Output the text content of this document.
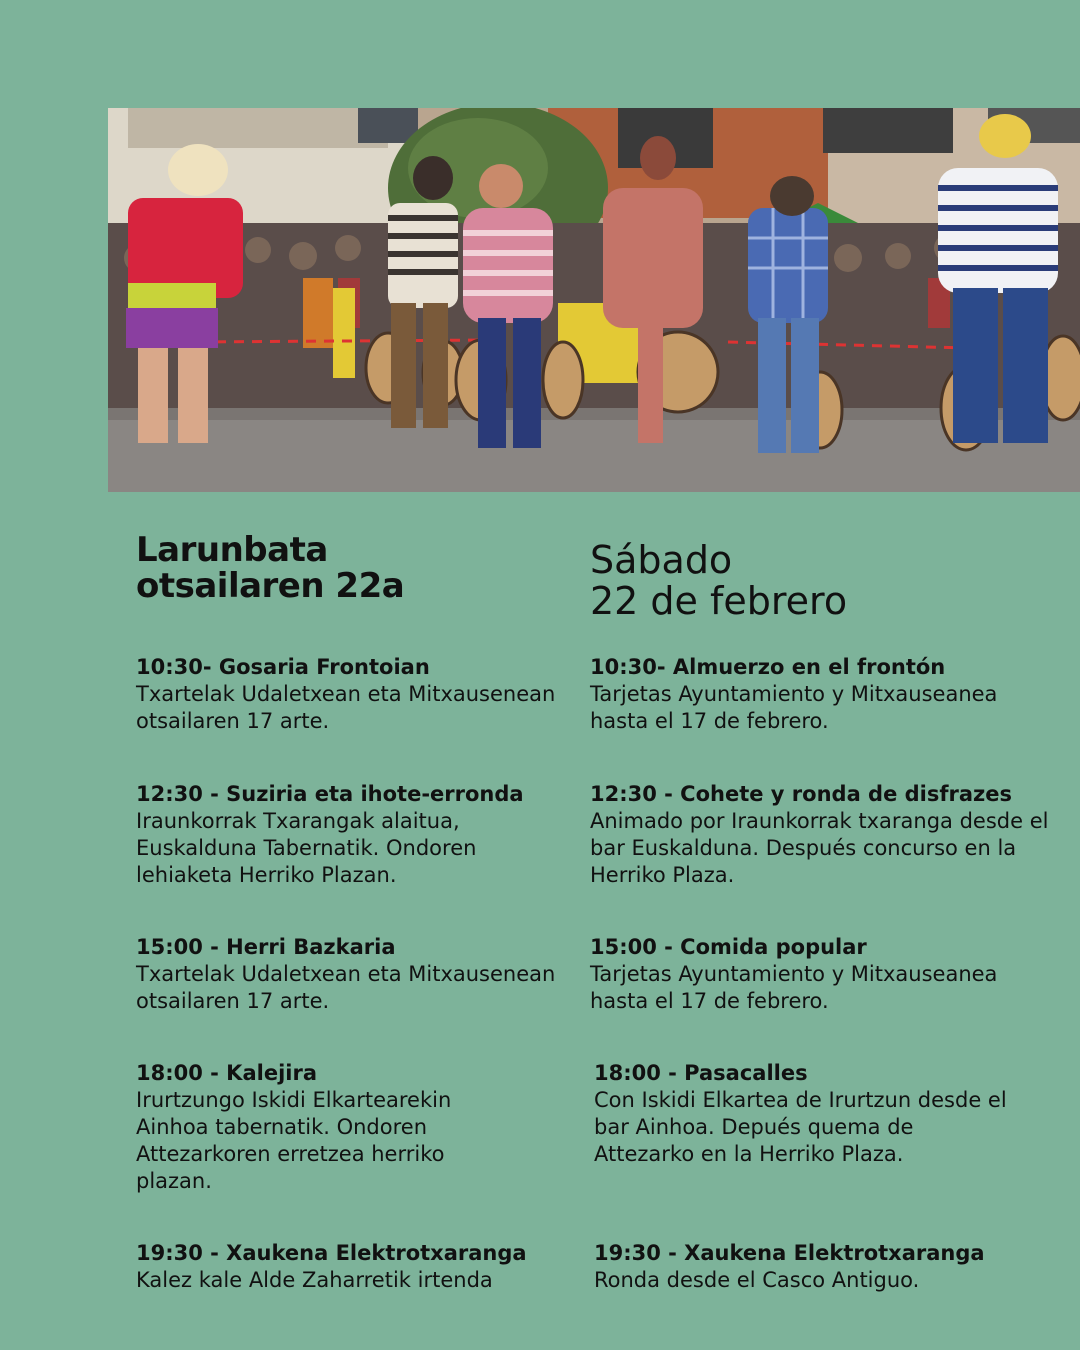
Larunbata
otsailaren 22a
10:30- Gosaria Frontoian
Txartelak Udaletxean eta Mitxausenean otsailaren 17 arte.
12:30 - Suziria eta ihote-erronda
Iraunkorrak Txarangak alaitua, Euskalduna Tabernatik. Ondoren lehiaketa Herriko Plazan.
15:00 - Herri Bazkaria
Txartelak Udaletxean eta Mitxausenean otsailaren 17 arte.
18:00 - Kalejira
Irurtzungo Iskidi Elkartearekin Ainhoa tabernatik. Ondoren Attezarkoren erretzea herriko plazan.
19:30 - Xaukena Elektrotxaranga
Kalez kale Alde Zaharretik irtenda
Sábado
22 de febrero
10:30- Almuerzo en el frontón
Tarjetas Ayuntamiento y Mitxauseanea hasta el 17 de febrero.
12:30 - Cohete y ronda de disfrazes
Animado por Iraunkorrak txaranga desde el bar Euskalduna. Después concurso en la Herriko Plaza.
15:00 - Comida popular
Tarjetas Ayuntamiento y Mitxauseanea hasta el 17 de febrero.
18:00 - Pasacalles
Con Iskidi Elkartea de Irurtzun desde el bar Ainhoa. Depués quema de Attezarko en la Herriko Plaza.
19:30 - Xaukena Elektrotxaranga
Ronda desde el Casco Antiguo.
